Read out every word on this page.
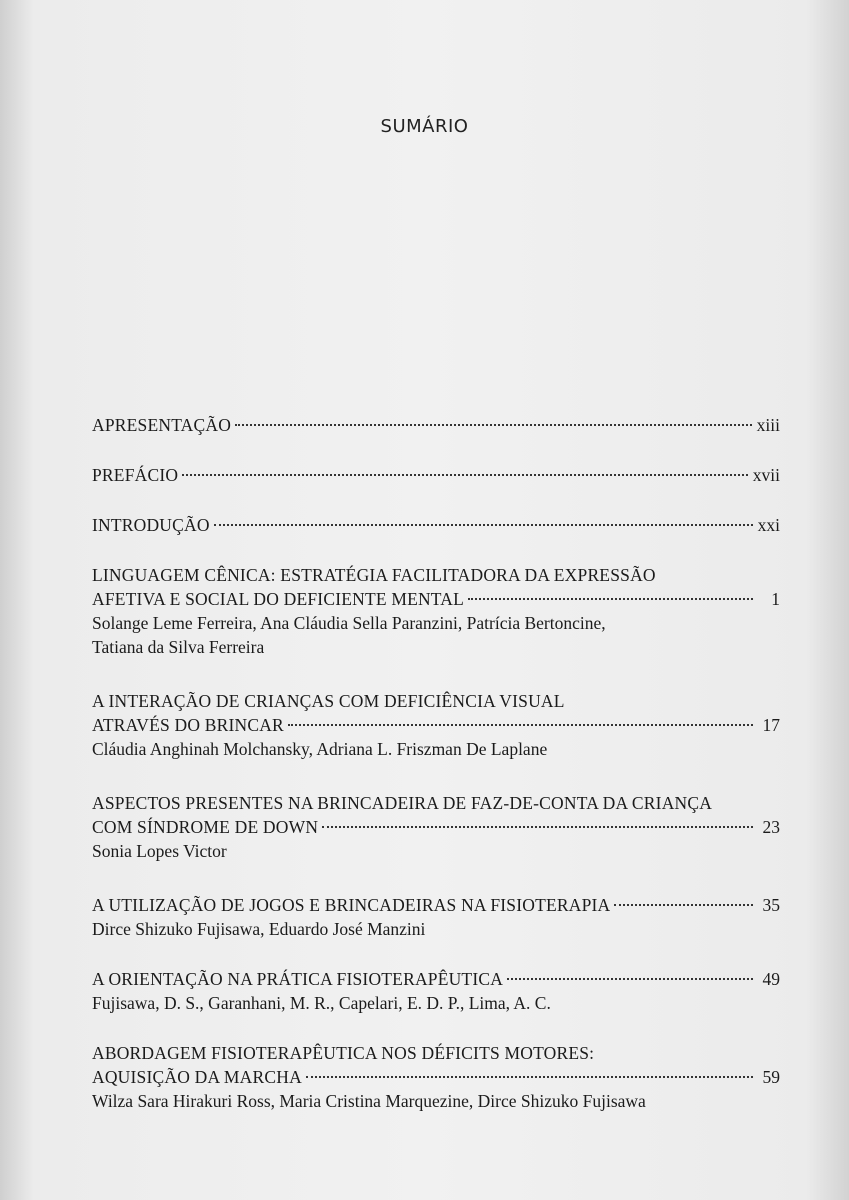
SUMÁRIO
APRESENTAÇÃO	xiii
PREFÁCIO	xvii
INTRODUÇÃO	xxi
LINGUAGEM CÊNICA: ESTRATÉGIA FACILITADORA DA EXPRESSÃO
AFETIVA E SOCIAL DO DEFICIENTE MENTAL	1
Solange Leme Ferreira, Ana Cláudia Sella Paranzini, Patrícia Bertoncine,
Tatiana da Silva Ferreira
A INTERAÇÃO DE CRIANÇAS COM DEFICIÊNCIA VISUAL
ATRAVÉS DO BRINCAR	17
Cláudia Anghinah Molchansky, Adriana L. Friszman De Laplane
ASPECTOS PRESENTES NA BRINCADEIRA DE FAZ-DE-CONTA DA CRIANÇA
COM SÍNDROME DE DOWN	23
Sonia Lopes Victor
A UTILIZAÇÃO DE JOGOS E BRINCADEIRAS NA FISIOTERAPIA	35
Dirce Shizuko Fujisawa, Eduardo José Manzini
A ORIENTAÇÃO NA PRÁTICA FISIOTERAPÊUTICA	49
Fujisawa, D. S., Garanhani, M. R., Capelari, E. D. P., Lima, A. C.
ABORDAGEM FISIOTERAPÊUTICA NOS DÉFICITS MOTORES:
AQUISIÇÃO DA MARCHA	59
Wilza Sara Hirakuri Ross, Maria Cristina Marquezine, Dirce Shizuko Fujisawa
